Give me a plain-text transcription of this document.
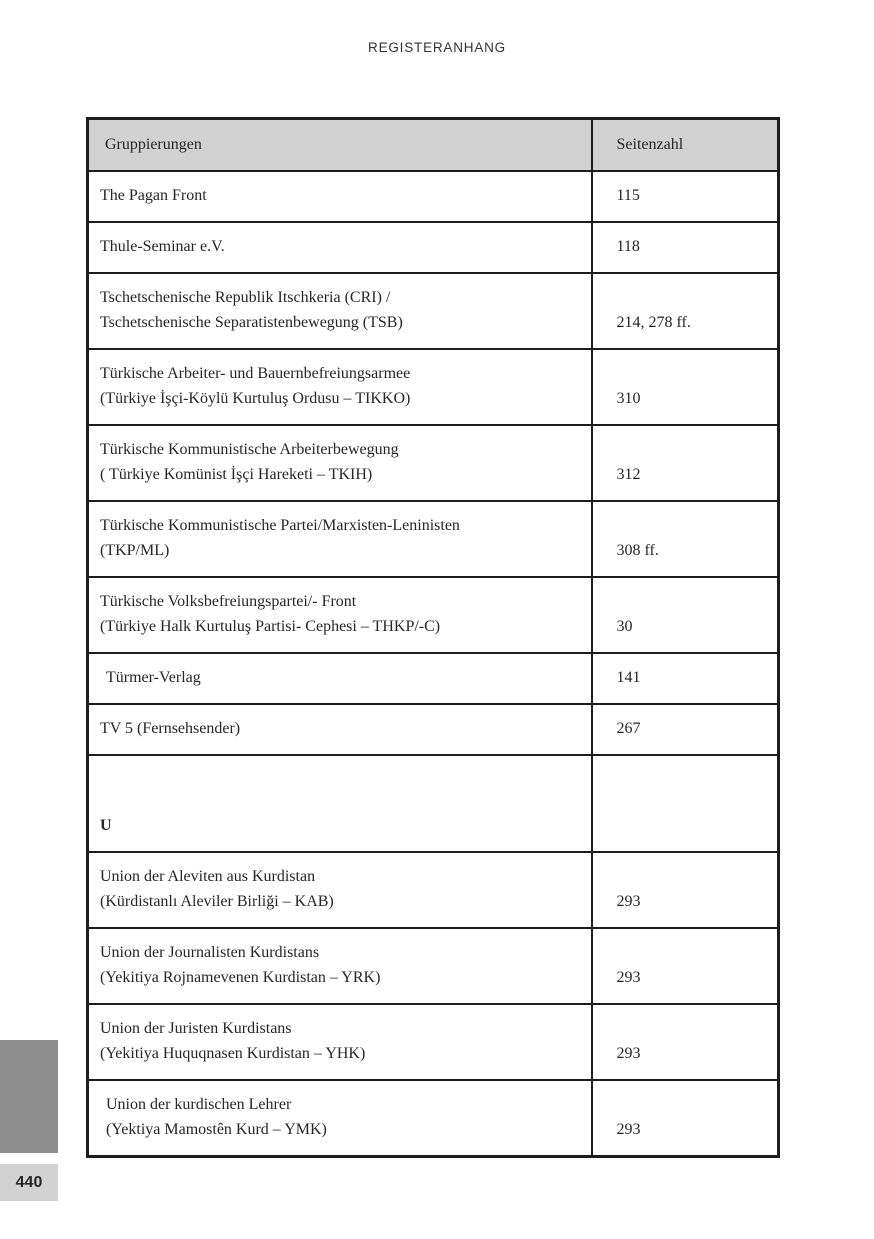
REGISTERANHANG
Gruppierungen	Seitenzahl
The Pagan Front	115
Thule-Seminar e.V.	118
Tschetschenische Republik Itschkeria (CRI) /
Tschetschenische Separatistenbewegung (TSB)	214, 278 ff.
Türkische Arbeiter- und Bauernbefreiungsarmee
(Türkiye İşçi-Köylü Kurtuluş Ordusu – TIKKO)	310
Türkische Kommunistische Arbeiterbewegung
( Türkiye Komünist İşçi Hareketi – TKIH)	312
Türkische Kommunistische Partei/Marxisten-Leninisten
(TKP/ML)	308 ff.
Türkische Volksbefreiungspartei/- Front
(Türkiye Halk Kurtuluş Partisi- Cephesi – THKP/-C)	30
Türmer-Verlag	141
TV 5 (Fernsehsender)	267
U	
Union der Aleviten aus Kurdistan
(Kürdistanlı Aleviler Birliği – KAB)	293
Union der Journalisten Kurdistans
(Yekitiya Rojnamevenen Kurdistan – YRK)	293
Union der Juristen Kurdistans
(Yekitiya Huquqnasen Kurdistan – YHK)	293
Union der kurdischen Lehrer
(Yektiya Mamostên Kurd – YMK)	293
440
